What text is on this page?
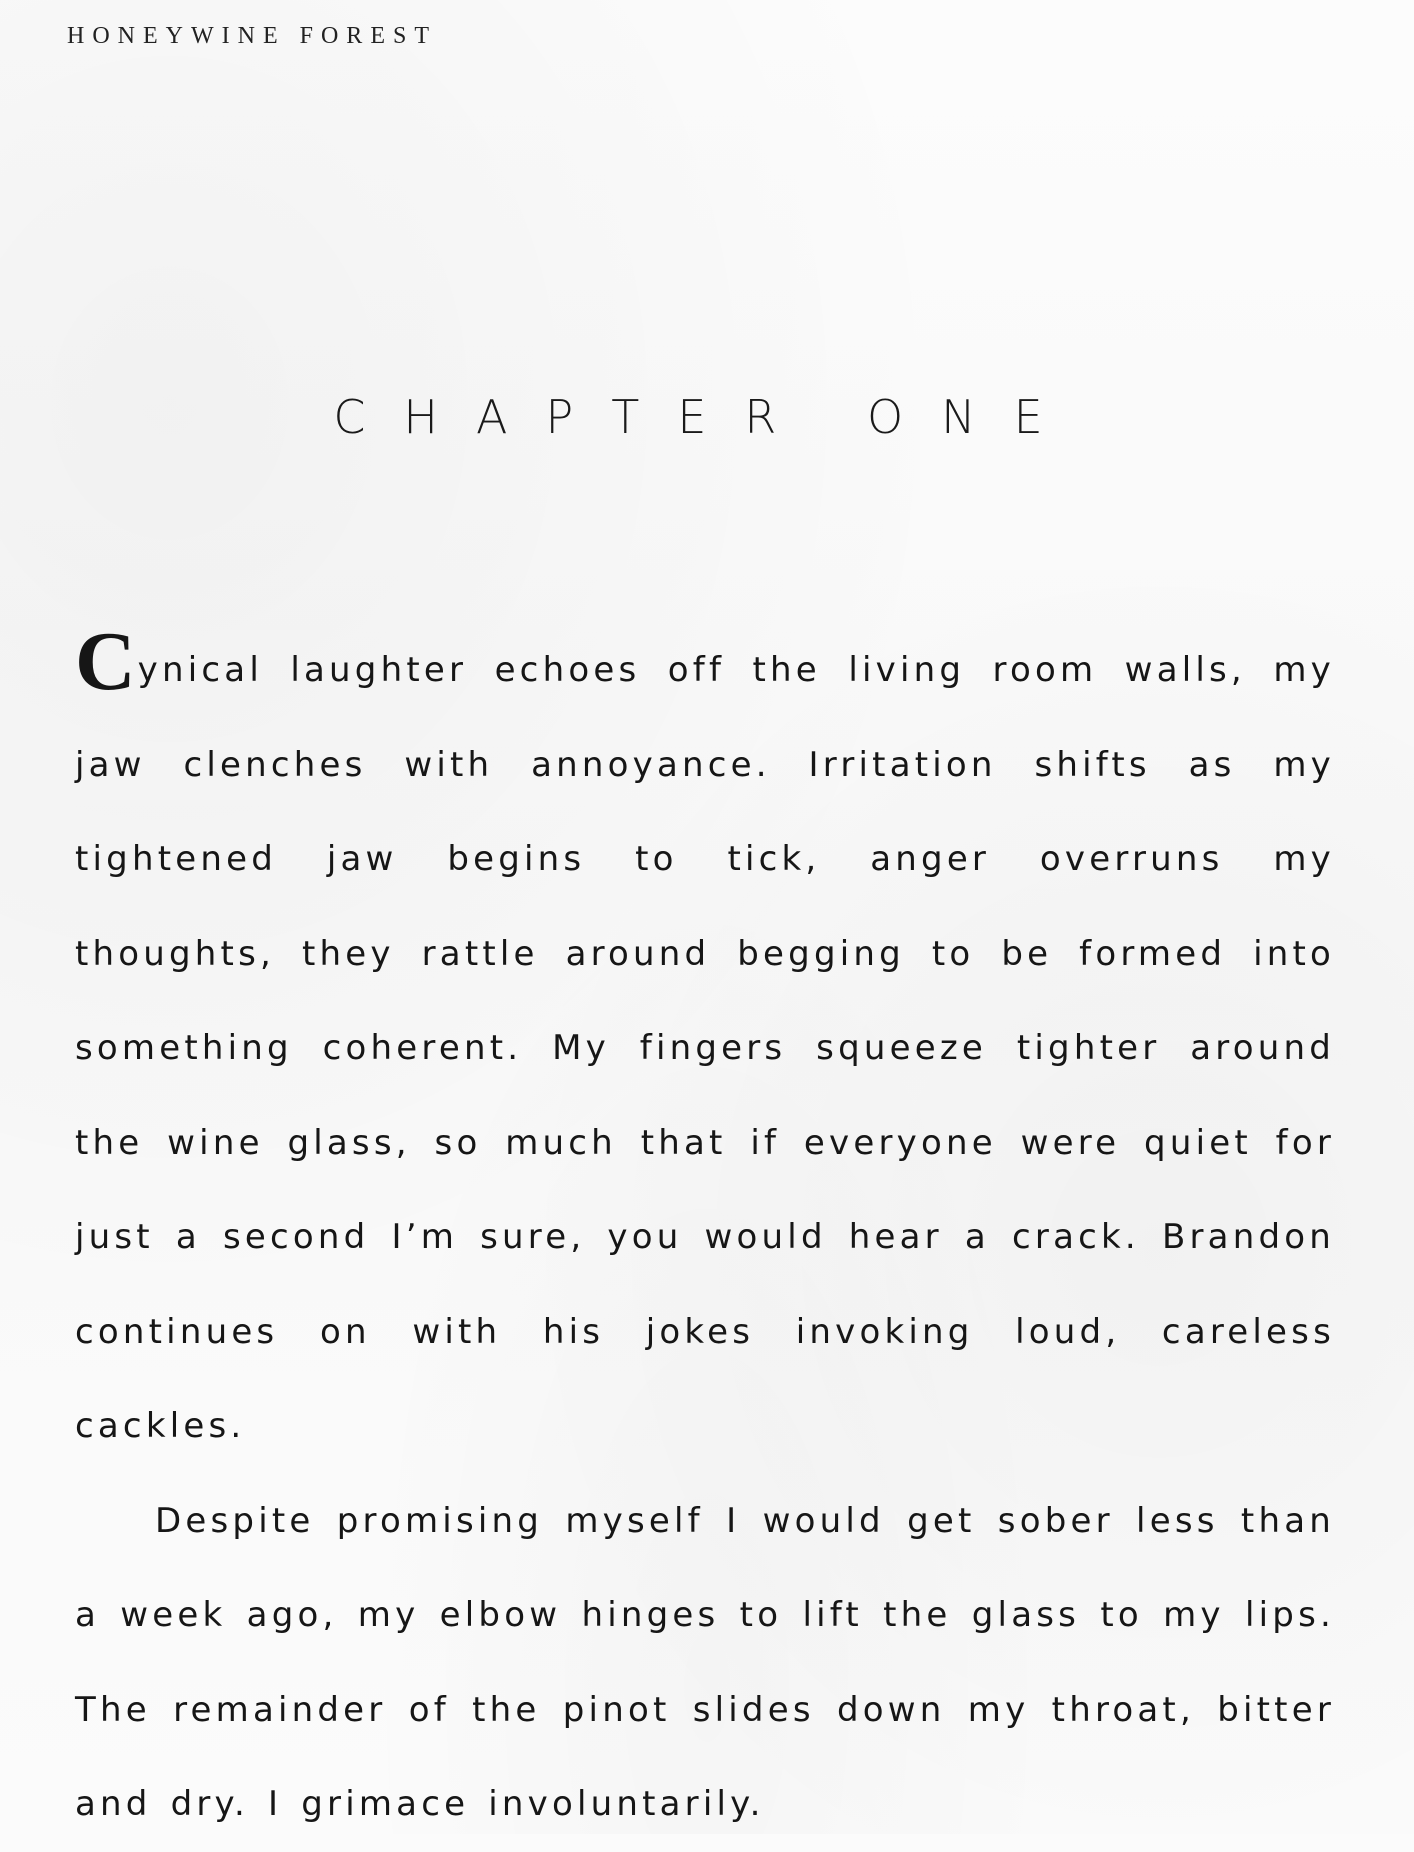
HONEYWINE FOREST
CHAPTER ONE

Cynical laughter echoes off the living room walls, my jaw clenches with annoyance. Irritation shifts as my tightened jaw begins to tick, anger overruns my thoughts, they rattle around begging to be formed into something coherent. My fingers squeeze tighter around the wine glass, so much that if everyone were quiet for just a second I’m sure, you would hear a crack. Brandon continues on with his jokes invoking loud, careless cackles.

Despite promising myself I would get sober less than a week ago, my elbow hinges to lift the glass to my lips. The remainder of the pinot slides down my throat, bitter and dry. I grimace involuntarily.
